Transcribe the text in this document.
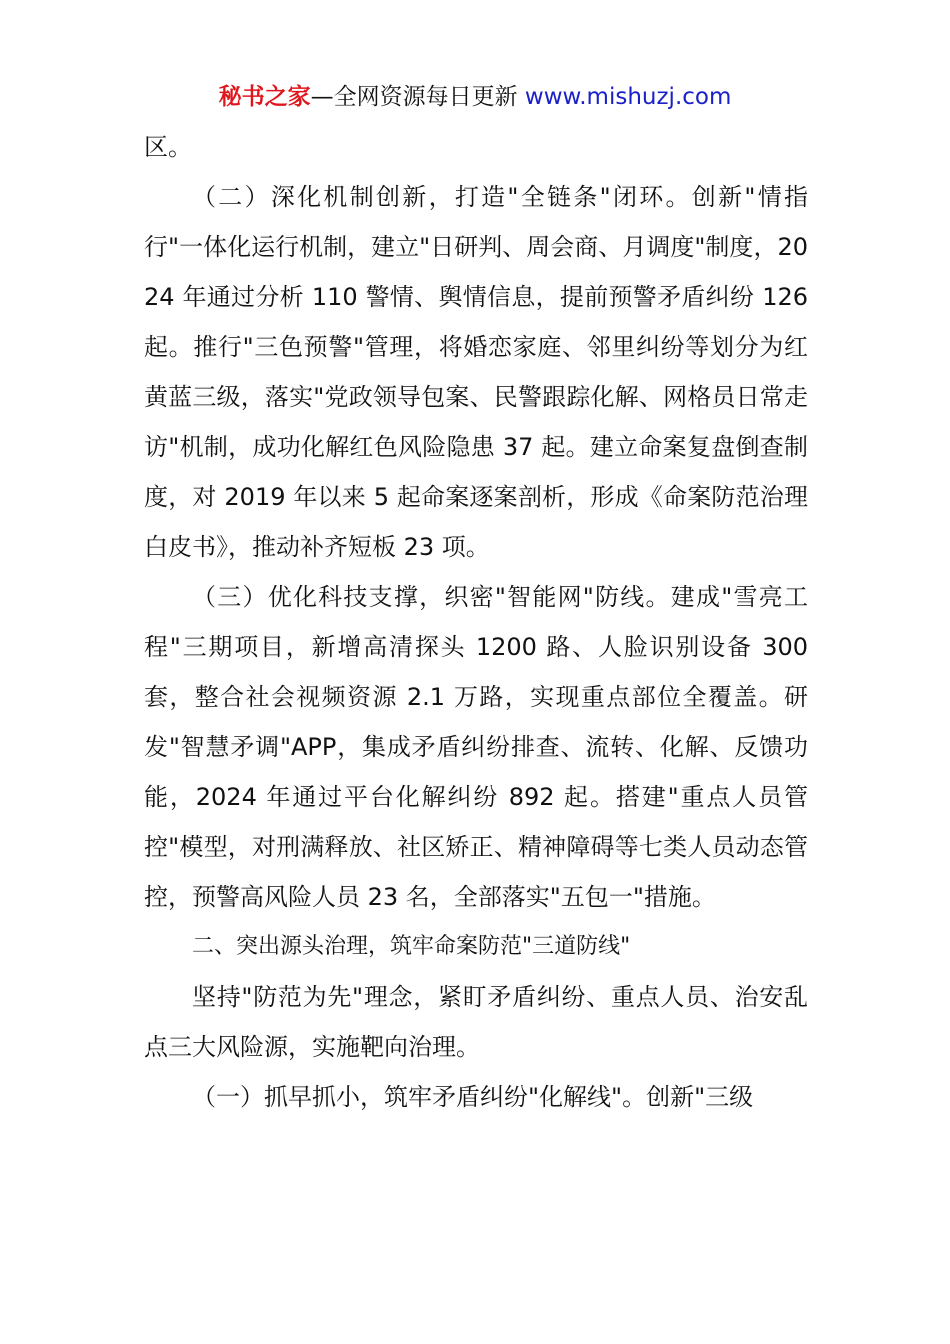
秘书之家—全网资源每日更新 www.mishuzj.com

区。

（二）深化机制创新，打造"全链条"闭环。创新"情指行"一体化运行机制，建立"日研判、周会商、月调度"制度，2024 年通过分析 110 警情、舆情信息，提前预警矛盾纠纷 126 起。推行"三色预警"管理，将婚恋家庭、邻里纠纷等划分为红黄蓝三级，落实"党政领导包案、民警跟踪化解、网格员日常走访"机制，成功化解红色风险隐患 37 起。建立命案复盘倒查制度，对 2019 年以来 5 起命案逐案剖析，形成《命案防范治理白皮书》，推动补齐短板 23 项。

（三）优化科技支撑，织密"智能网"防线。建成"雪亮工程"三期项目，新增高清探头 1200 路、人脸识别设备 300 套，整合社会视频资源 2.1 万路，实现重点部位全覆盖。研发"智慧矛调"APP，集成矛盾纠纷排查、流转、化解、反馈功能，2024 年通过平台化解纠纷 892 起。搭建"重点人员管控"模型，对刑满释放、社区矫正、精神障碍等七类人员动态管控，预警高风险人员 23 名，全部落实"五包一"措施。

二、突出源头治理，筑牢命案防范"三道防线"

坚持"防范为先"理念，紧盯矛盾纠纷、重点人员、治安乱点三大风险源，实施靶向治理。

（一）抓早抓小，筑牢矛盾纠纷"化解线"。创新"三级
